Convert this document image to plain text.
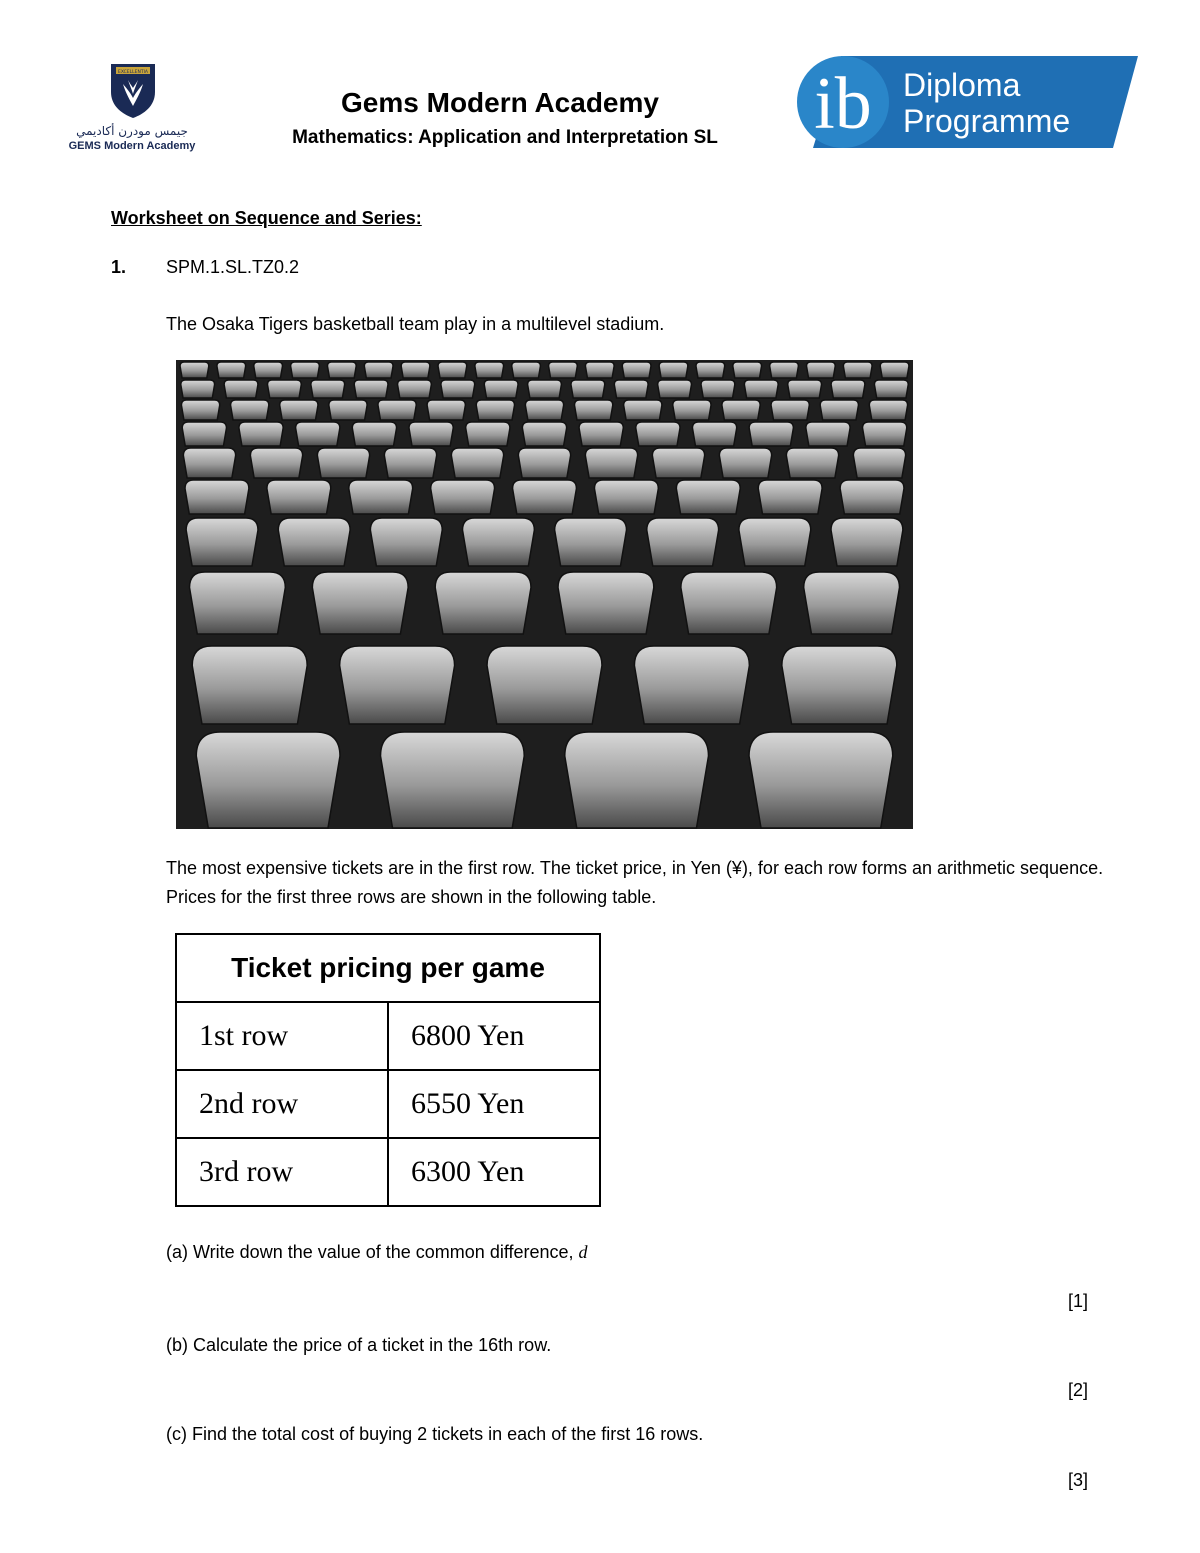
EXCELLENTIA
جيمس مودرن أكاديمي
GEMS Modern Academy
Gems Modern Academy
Mathematics: Application and Interpretation SL	ib Diploma
Programme
Worksheet on Sequence and Series:
1. SPM.1.SL.TZ0.2
The Osaka Tigers basketball team play in a multilevel stadium.
The most expensive tickets are in the first row. The ticket price, in Yen (¥), for each row forms an arithmetic sequence. Prices for the first three rows are shown in the following table.
Ticket pricing per game	
1st row	6800 Yen
2nd row	6550 Yen
3rd row	6300 Yen
(a) Write down the value of the common difference, d
[1]
(b) Calculate the price of a ticket in the 16th row.
[2]
(c) Find the total cost of buying 2 tickets in each of the first 16 rows.
[3]
